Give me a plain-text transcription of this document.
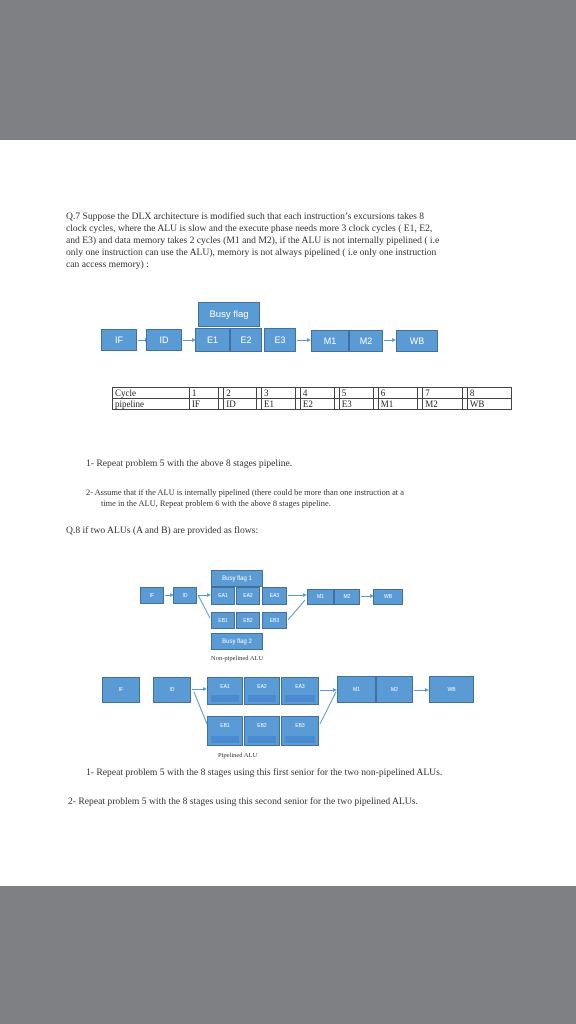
Q.7 Suppose the DLX architecture is modified such that each instruction’s excursions takes 8
clock cycles, where the ALU is slow and the execute phase needs more 3 clock cycles ( E1, E2,
and E3) and data memory takes 2 cycles (M1 and M2), if the ALU is not internally pipelined ( i.e
only one instruction can use the ALU), memory is not always pipelined ( i.e only one instruction
can access memory) :
Busy flag
IF	ID	E1	E2	E3	M1	M2	WB
Cycle	1		2		3		4		5		6		7		8
pipeline	IF		ID		E1		E2		E3		M1		M2		WB
1- Repeat problem 5 with the above 8 stages pipeline.
2- Assume that if the ALU is internally pipelined (there could be more than one instruction at a
time in the ALU, Repeat problem 6 with the above 8 stages pipeline.
Q.8 if two ALUs (A and B) are provided as flows:
Busy flag 1
IF	ID	EA1	EA2	EA3	M1	M2	WB
EB1	EB2	EB3
Busy flag 2
Non-pipelined ALU
IF	ID	EA1	EA2	EA3	M1	M2	WB
EB1	EB2	EB3
Pipelined ALU
1- Repeat problem 5 with the 8 stages using this first senior for the two non-pipelined ALUs.
2- Repeat problem 5 with the 8 stages using this second senior for the two pipelined ALUs.
